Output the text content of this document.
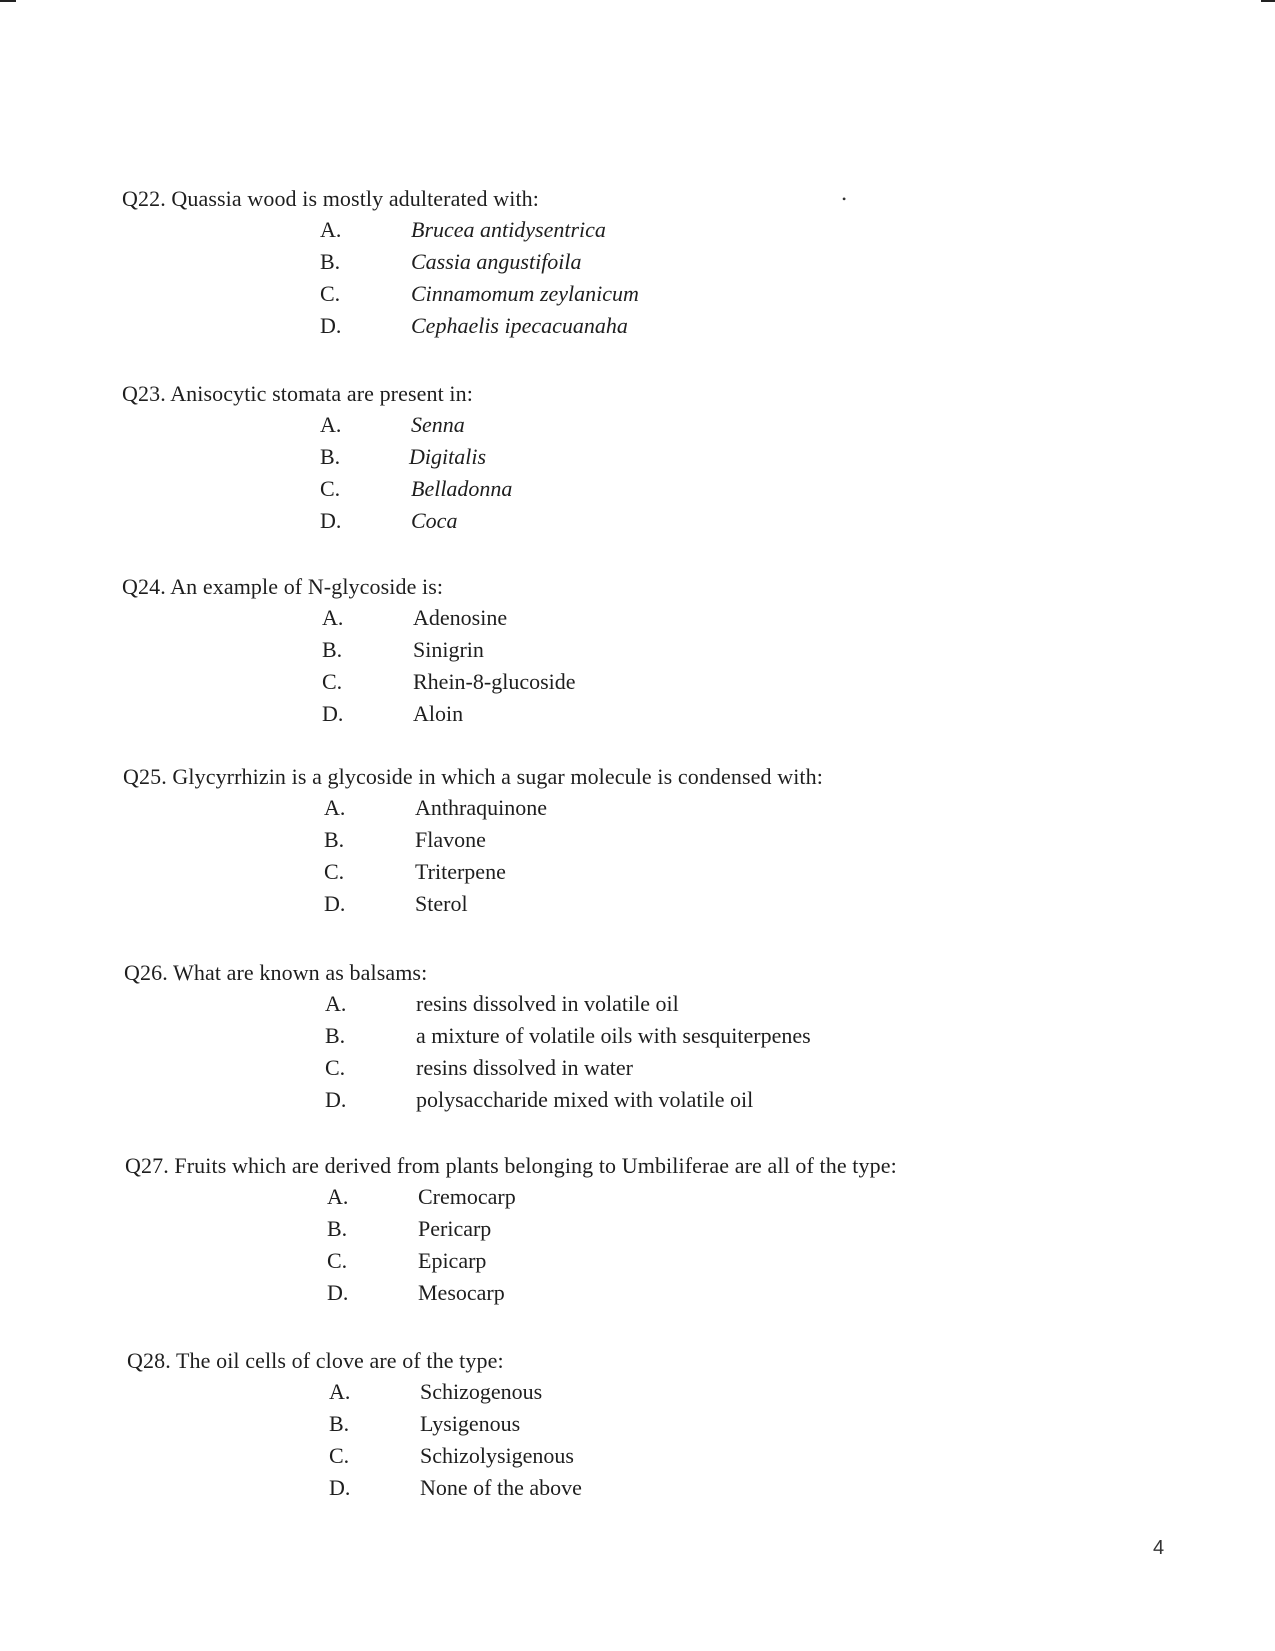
•
Q22. Quassia wood is mostly adulterated with:
A.	Brucea antidysentrica
B.	Cassia angustifoila
C.	Cinnamomum zeylanicum
D.	Cephaelis ipecacuanaha
Q23. Anisocytic stomata are present in:
A.	Senna
B.	Digitalis
C.	Belladonna
D.	Coca
Q24. An example of N-glycoside is:
A.	Adenosine
B.	Sinigrin
C.	Rhein-8-glucoside
D.	Aloin
Q25. Glycyrrhizin is a glycoside in which a sugar molecule is condensed with:
A.	Anthraquinone
B.	Flavone
C.	Triterpene
D.	Sterol
Q26. What are known as balsams:
A.	resins dissolved in volatile oil
B.	a mixture of volatile oils with sesquiterpenes
C.	resins dissolved in water
D.	polysaccharide mixed with volatile oil
Q27. Fruits which are derived from plants belonging to Umbiliferae are all of the type:
A.	Cremocarp
B.	Pericarp
C.	Epicarp
D.	Mesocarp
Q28. The oil cells of clove are of the type:
A.	Schizogenous
B.	Lysigenous
C.	Schizolysigenous
D.	None of the above
4
